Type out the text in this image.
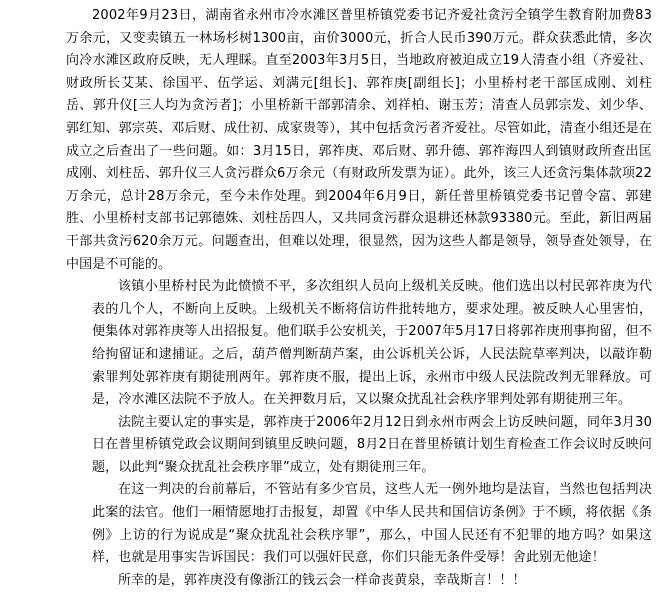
2002年9月23日，湖南省永州市冷水滩区普里桥镇党委书记齐爱社贪污全镇学生教育附加费83万余元，又变卖镇五一林场杉树1300亩，亩价3000元，折合人民币390万元。群众获悉此情，多次向冷水滩区政府反映，无人理睬。直至2003年3月5日，当地政府被迫成立19人清查小组（齐爱社、财政所长艾某、徐国平、伍学运、刘满元[组长]、郭祚庚[副组长]；小里桥村老干部匡成刚、刘柱岳、郭升仪[三人均为贪污者]；小里桥新干部郭清余、刘祥柏、谢玉芳；清查人员郭宗发、刘少华、郭红知、郭宗英、邓后财、成仕初、成家贵等），其中包括贪污者齐爱社。尽管如此，清查小组还是在成立之后查出了一些问题。如：3月15日，郭祚庚、邓后财、郭升德、郭祚海四人到镇财政所查出匡成刚、刘柱岳、郭升仪三人贪污群众6万余元（有财政所发票为证）。此外，该三人还贪污集体款项22万余元，总计28万余元，至今未作处理。到2004年6月9日，新任普里桥镇党委书记曾令富、郭建胜、小里桥村支部书记郭德姝、刘柱岳四人，又共同贪污群众退耕还林款93380元。至此，新旧两届干部共贪污620余万元。问题查出，但难以处理，很显然，因为这些人都是领导，领导查处领导，在中国是不可能的。

该镇小里桥村民为此愤愤不平，多次组织人员向上级机关反映。他们选出以村民郭祚庚为代表的几个人，不断向上反映。上级机关不断将信访件批转地方，要求处理。被反映人心里害怕，便集体对郭祚庚等人出招报复。他们联手公安机关，于2007年5月17日将郭祚庚刑事拘留，但不给拘留证和逮捕证。之后，葫芦僧判断葫芦案，由公诉机关公诉，人民法院草率判决，以敲诈勒索罪判处郭祚庚有期徒刑两年。郭祚庚不服，提出上诉，永州市中级人民法院改判无罪释放。可是，冷水滩区法院不予放人。在关押数月后，又以聚众扰乱社会秩序罪判处郭有期徒刑三年。

法院主要认定的事实是，郭祚庚于2006年2月12日到永州市两会上访反映问题，同年3月30日在普里桥镇党政会议期间到镇里反映问题，8月2日在普里桥镇计划生育检查工作会议时反映问题，以此判“聚众扰乱社会秩序罪”成立，处有期徒刑三年。

在这一判决的台前幕后，不管站有多少官员，这些人无一例外地均是法盲，当然也包括判决此案的法官。他们一厢情愿地打击报复，却置《中华人民共和国信访条例》于不顾，将依据《条例》上访的行为说成是“聚众扰乱社会秩序罪”，那么，中国人民还有不犯罪的地方吗？如果这样，也就是用事实告诉国民：我们可以强奸民意，你们只能无条件受辱！舍此别无他途！

所幸的是，郭祚庚没有像浙江的钱云会一样命丧黄泉，幸哉斯言！！！
